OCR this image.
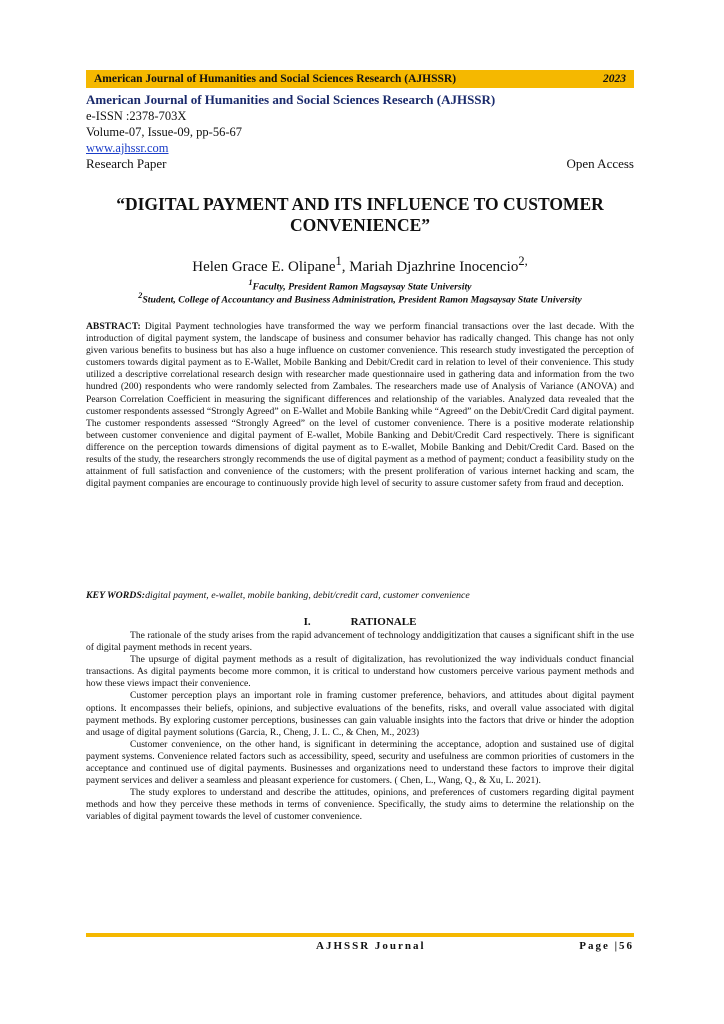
American Journal of Humanities and Social Sciences Research (AJHSSR)	2023
American Journal of Humanities and Social Sciences Research (AJHSSR)
e-ISSN :2378-703X
Volume-07, Issue-09, pp-56-67
www.ajhssr.com
Research Paper	Open Access
“DIGITAL PAYMENT AND ITS INFLUENCE TO CUSTOMER
CONVENIENCE”
Helen Grace E. Olipane$^1$, Mariah Djazhrine Inocencio$^{2,}$
$^1$Faculty, President Ramon Magsaysay State University
$^2$Student, College of Accountancy and Business Administration, President Ramon Magsaysay State University
ABSTRACT: Digital Payment technologies have transformed the way we perform financial transactions over the last decade. With the introduction of digital payment system, the landscape of business and consumer behavior has radically changed. This change has not only given various benefits to business but has also a huge influence on customer convenience. This research study investigated the perception of customers towards digital payment as to E-Wallet, Mobile Banking and Debit/Credit card in relation to level of their convenience. This study utilized a descriptive correlational research design with researcher made questionnaire used in gathering data and information from the two hundred (200) respondents who were randomly selected from Zambales. The researchers made use of Analysis of Variance (ANOVA) and Pearson Correlation Coefficient in measuring the significant differences and relationship of the variables. Analyzed data revealed that the customer respondents assessed “Strongly Agreed” on E-Wallet and Mobile Banking while “Agreed” on the Debit/Credit Card digital payment. The customer respondents assessed “Strongly Agreed” on the level of customer convenience. There is a positive moderate relationship between customer convenience and digital payment of E-wallet, Mobile Banking and Debit/Credit Card respectively. There is significant difference on the perception towards dimensions of digital payment as to E-wallet, Mobile Banking and Debit/Credit Card. Based on the results of the study, the researchers strongly recommends the use of digital payment as a method of payment; conduct a feasibility study on the attainment of full satisfaction and convenience of the customers; with the present proliferation of various internet hacking and scam, the digital payment companies are encourage to continuously provide high level of security to assure customer safety from fraud and deception.
KEY WORDS:digital payment, e-wallet, mobile banking, debit/credit card, customer convenience
I.	RATIONALE

The rationale of the study arises from the rapid advancement of technology anddigitization that causes a significant shift in the use of digital payment methods in recent years.

The upsurge of digital payment methods as a result of digitalization, has revolutionized the way individuals conduct financial transactions. As digital payments become more common, it is critical to understand how customers perceive various payment methods and how these views impact their convenience.

Customer perception plays an important role in framing customer preference, behaviors, and attitudes about digital payment options. It encompasses their beliefs, opinions, and subjective evaluations of the benefits, risks, and overall value associated with digital payment methods. By exploring customer perceptions, businesses can gain valuable insights into the factors that drive or hinder the adoption and usage of digital payment solutions (Garcia, R., Cheng, J. L. C., & Chen, M., 2023)

Customer convenience, on the other hand, is significant in determining the acceptance, adoption and sustained use of digital payment systems. Convenience related factors such as accessibility, speed, security and usefulness are common priorities of customers in the acceptance and continued use of digital payments. Businesses and organizations need to understand these factors to improve their digital payment services and deliver a seamless and pleasant experience for customers. ( Chen, L., Wang, Q., & Xu, L. 2021).

The study explores to understand and describe the attitudes, opinions, and preferences of customers regarding digital payment methods and how they perceive these methods in terms of convenience. Specifically, the study aims to determine the relationship on the variables of digital payment towards the level of customer convenience.

AJHSSR Journal	Page |56
